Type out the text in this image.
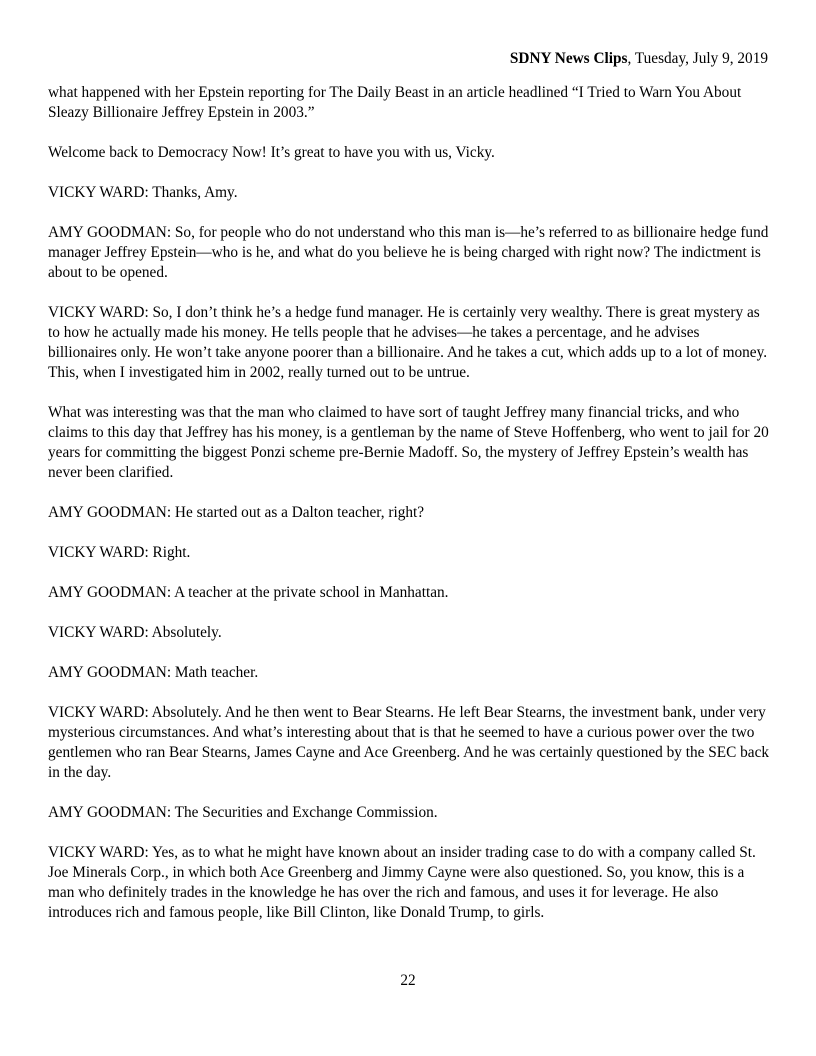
SDNY News Clips, Tuesday, July 9, 2019

what happened with her Epstein reporting for The Daily Beast in an article headlined “I Tried to Warn You About Sleazy Billionaire Jeffrey Epstein in 2003.”

Welcome back to Democracy Now! It’s great to have you with us, Vicky.

VICKY WARD: Thanks, Amy.

AMY GOODMAN: So, for people who do not understand who this man is—he’s referred to as billionaire hedge fund manager Jeffrey Epstein—who is he, and what do you believe he is being charged with right now? The indictment is about to be opened.

VICKY WARD: So, I don’t think he’s a hedge fund manager. He is certainly very wealthy. There is great mystery as to how he actually made his money. He tells people that he advises—he takes a percentage, and he advises billionaires only. He won’t take anyone poorer than a billionaire. And he takes a cut, which adds up to a lot of money. This, when I investigated him in 2002, really turned out to be untrue.

What was interesting was that the man who claimed to have sort of taught Jeffrey many financial tricks, and who claims to this day that Jeffrey has his money, is a gentleman by the name of Steve Hoffenberg, who went to jail for 20 years for committing the biggest Ponzi scheme pre-Bernie Madoff. So, the mystery of Jeffrey Epstein’s wealth has never been clarified.

AMY GOODMAN: He started out as a Dalton teacher, right?

VICKY WARD: Right.

AMY GOODMAN: A teacher at the private school in Manhattan.

VICKY WARD: Absolutely.

AMY GOODMAN: Math teacher.

VICKY WARD: Absolutely. And he then went to Bear Stearns. He left Bear Stearns, the investment bank, under very mysterious circumstances. And what’s interesting about that is that he seemed to have a curious power over the two gentlemen who ran Bear Stearns, James Cayne and Ace Greenberg. And he was certainly questioned by the SEC back in the day.

AMY GOODMAN: The Securities and Exchange Commission.

VICKY WARD: Yes, as to what he might have known about an insider trading case to do with a company called St. Joe Minerals Corp., in which both Ace Greenberg and Jimmy Cayne were also questioned. So, you know, this is a man who definitely trades in the knowledge he has over the rich and famous, and uses it for leverage. He also introduces rich and famous people, like Bill Clinton, like Donald Trump, to girls.

22
